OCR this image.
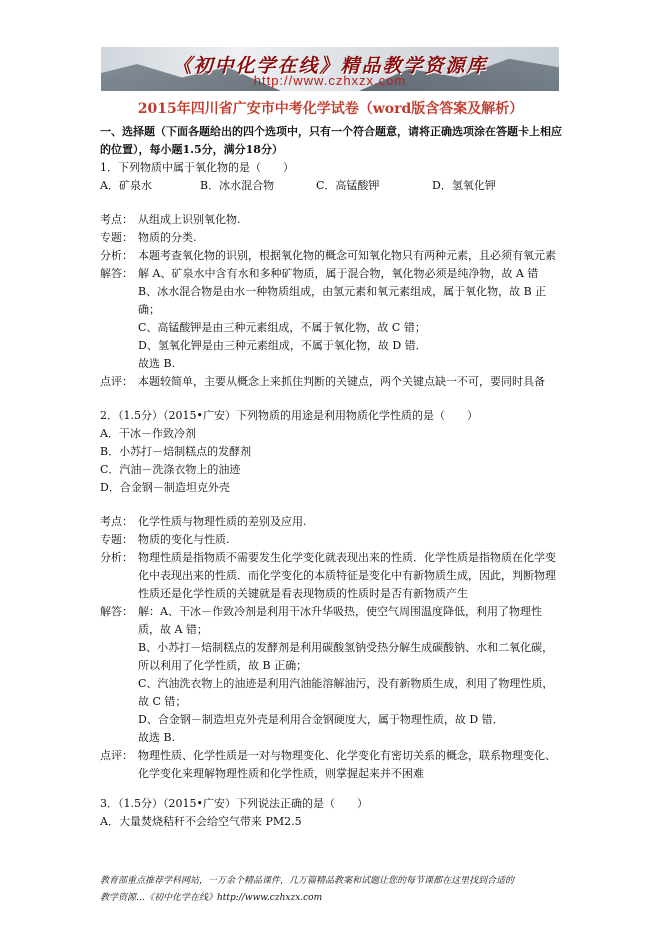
《初中化学在线》精品教学资源库
http://www.czhxzx.com
2015年四川省广安市中考化学试卷（word版含答案及解析）

一、选择题（下面各题给出的四个选项中，只有一个符合题意，请将正确选项涂在答题卡上相应的位置），每小题1.5分，满分18分）

1．下列物质中属于氧化物的是（　　）

A．矿泉水	B．冰水混合物	C．高锰酸钾	D．氢氧化钾
考点： 从组成上识别氧化物.
专题： 物质的分类.
分析： 本题考查氧化物的识别，根据氧化物的概念可知氧化物只有两种元素，且必须有氧元素
解答： 解 A、矿泉水中含有水和多种矿物质，属于混合物，氧化物必须是纯净物，故 A 错

B、冰水混合物是由水一种物质组成，由氢元素和氧元素组成，属于氧化物，故 B 正确；

C、高锰酸钾是由三种元素组成，不属于氧化物，故 C 错；

D、氢氧化钾是由三种元素组成，不属于氧化物，故 D 错．

故选 B.

点评： 本题较简单，主要从概念上来抓住判断的关键点，两个关键点缺一不可，要同时具备

2．（1.5分）（2015•广安）下列物质的用途是利用物质化学性质的是（　　）

A．干冰－作致冷剂

B．小苏打－焙制糕点的发酵剂

C．汽油－洗涤衣物上的油迹

D．合金钢－制造坦克外壳

考点： 化学性质与物理性质的差别及应用.
专题： 物质的变化与性质.
分析： 物理性质是指物质不需要发生化学变化就表现出来的性质．化学性质是指物质在化学变化中表现出来的性质．而化学变化的本质特征是变化中有新物质生成，因此，判断物理性质还是化学性质的关键就是看表现物质的性质时是否有新物质产生
解答： 解：A、干冰－作致冷剂是利用干冰升华吸热，使空气周围温度降低，利用了物理性质，故 A 错；

B、小苏打－焙制糕点的发酵剂是利用碳酸氢钠受热分解生成碳酸钠、水和二氧化碳，所以利用了化学性质，故 B 正确；

C、汽油洗衣物上的油迹是利用汽油能溶解油污，没有新物质生成，利用了物理性质，故 C 错；

D、合金钢－制造坦克外壳是利用合金钢硬度大，属于物理性质，故 D 错．

故选 B.

点评： 物理性质、化学性质是一对与物理变化、化学变化有密切关系的概念，联系物理变化、化学变化来理解物理性质和化学性质，则掌握起来并不困难

3．（1.5分）（2015•广安）下列说法正确的是（　　）

A．大量焚烧秸秆不会给空气带来 PM2.5

教育部重点推荐学科网站，一万余个精品课件，几万篇精品教案和试题让您的每节课都在这里找到合适的

教学资源…《初中化学在线》http://www.czhxzx.com
